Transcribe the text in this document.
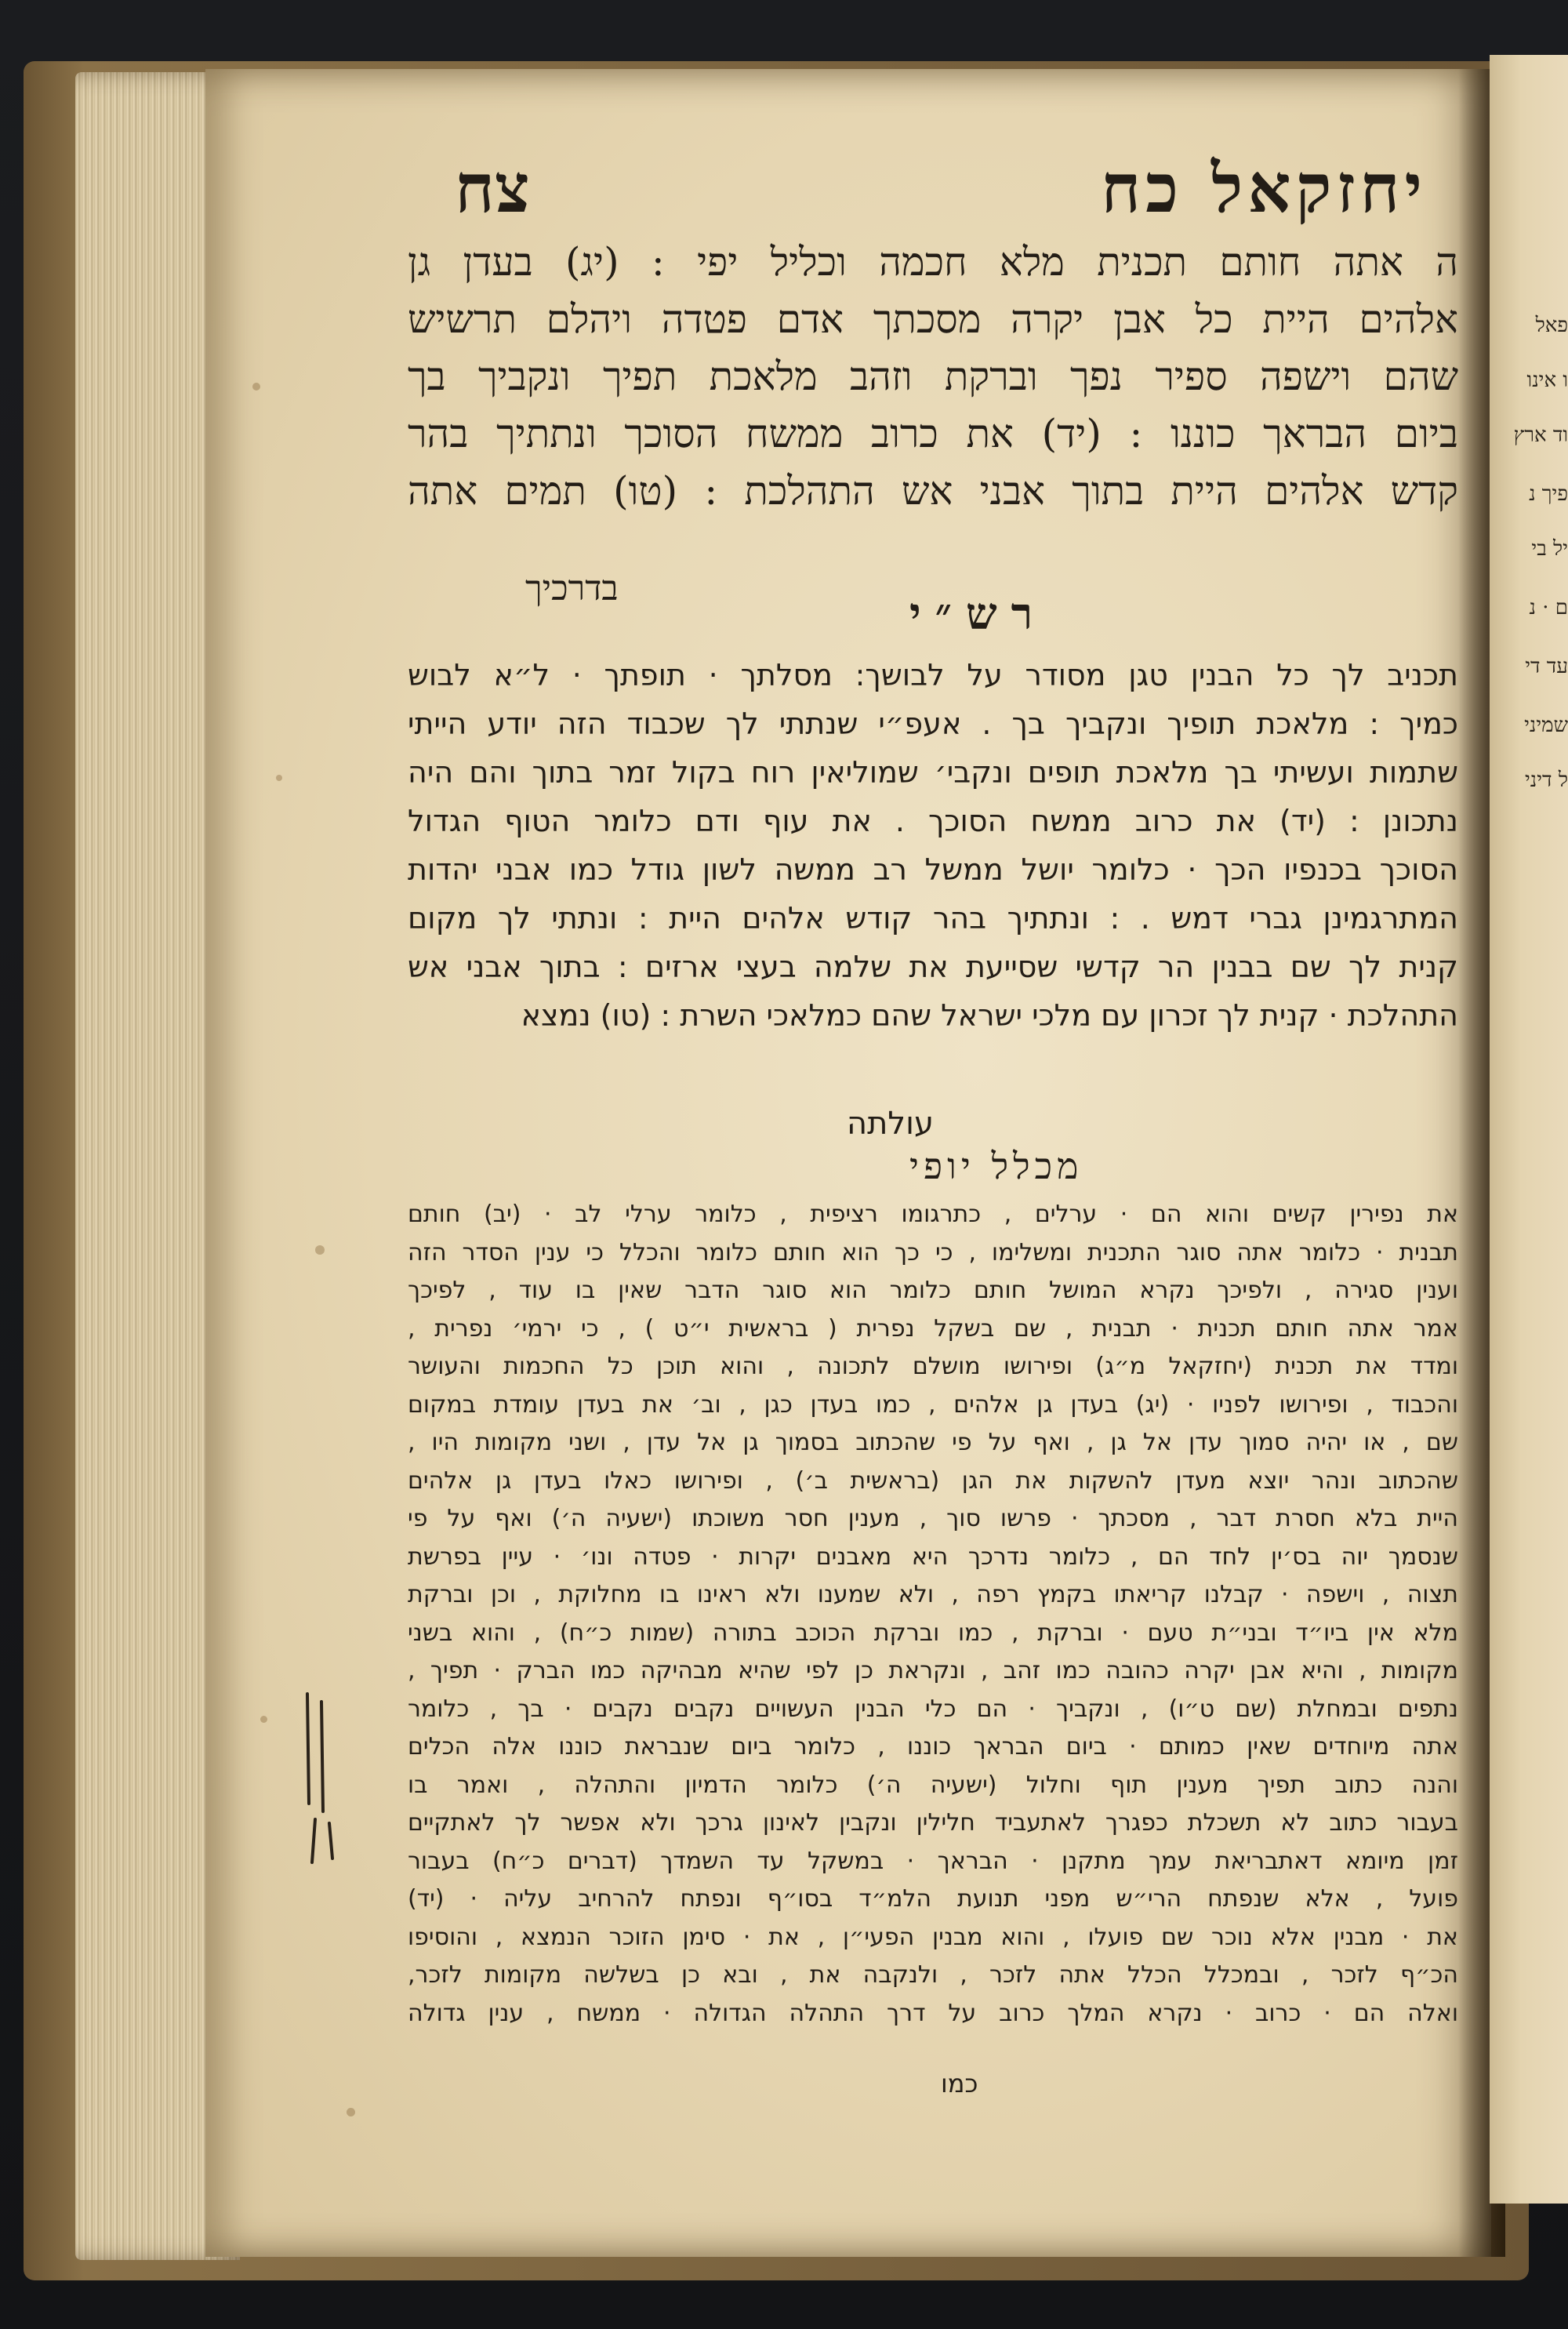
פאל
ו אינו
וד ארץ
פיך נ
יל בי
ם · נ
עד די
שמיני
ל דיני
יחזקאל כח
צח

ה אתה חותם תכנית מלא חכמה וכליל יפי : (יג) בעדן גן

אלהים היית כל אבן יקרה מסכתך אדם פטדה ויהלם תרשיש

שהם וישפה ספיר נפך וברקת וזהב מלאכת תפיך ונקביך בך

ביום הבראך כוננו : (יד) את כרוב ממשח הסוכך ונתתיך בהר

קדש אלהים היית בתוך אבני אש התהלכת : (טו) תמים אתה

בדרכיך	רש״י

תכניב לך כל הבנין טגן מסודר על לבושך: מסלתך · תופתך · ל״א לבוש

כמיך : מלאכת תופיך ונקביך בך . אעפ״י שנתתי לך שכבוד הזה יודע הייתי

שתמות ועשיתי בך מלאכת תופים ונקבי׳ שמוליאין רוח בקול זמר בתוך והם היה

נתכונן : (יד) את כרוב ממשח הסוכך . את עוף ודם כלומר הטוף הגדול

הסוכך בכנפיו הכך · כלומר יושל ממשל רב ממשה לשון גודל כמו אבני יהדות

המתרגמינן גברי דמש . : ונתתיך בהר קודש אלהים היית : ונתתי לך מקום

קנית לך שם בבנין הר קדשי שסייעת את שלמה בעצי ארזים : בתוך אבני אש

התהלכת · קנית לך זכרון עם מלכי ישראל שהם כמלאכי השרת : (טו) נמצא

עולתה
מכלל יופי

את נפירין קשים והוא הם · ערלים , כתרגומו רציפית , כלומר ערלי לב · (יב) חותם

תבנית · כלומר אתה סוגר התכנית ומשלימו , כי כך הוא חותם כלומר והכלל כי ענין הסדר הזה

וענין סגירה , ולפיכך נקרא המושל חותם כלומר הוא סוגר הדבר שאין בו עוד , לפיכך

אמר אתה חותם תכנית · תבנית , שם בשקל נפרית ( בראשית י״ט ) , כי ירמי׳ נפרית ,

ומדד את תכנית (יחזקאל מ״ג) ופירושו מושלם לתכונה , והוא תוכן כל החכמות והעושר

והכבוד , ופירושו לפניו · (יג) בעדן גן אלהים , כמו בעדן כגן , וב׳ את בעדן עומדת במקום

שם , או יהיה סמוך עדן אל גן , ואף על פי שהכתוב בסמוך גן אל עדן , ושני מקומות היו ,

שהכתוב ונהר יוצא מעדן להשקות את הגן (בראשית ב׳) , ופירושו כאלו בעדן גן אלהים

היית בלא חסרת דבר , מסכתך · פרשו סוך , מענין חסר משוכתו (ישעיה ה׳) ואף על פי

שנסמך יוה בס׳ין לחד הם , כלומר נדרכך היא מאבנים יקרות · פטדה ונו׳ · עיין בפרשת

תצוה , וישפה · קבלנו קריאתו בקמץ רפה , ולא שמענו ולא ראינו בו מחלוקת , וכן וברקת

מלא אין ביו״ד ובני״ת טעם · וברקת , כמו וברקת הכוכב בתורה (שמות כ״ח) , והוא בשני

מקומות , והיא אבן יקרה כהובה כמו זהב , ונקראת כן לפי שהיא מבהיקה כמו הברק · תפיך ,

נתפים ובמחלת (שם ט״ו) , ונקביך · הם כלי הבנין העשויים נקבים נקבים · בך , כלומר

אתה מיוחדים שאין כמותם · ביום הבראך כוננו , כלומר ביום שנבראת כוננו אלה הכלים

והנה כתוב תפיך מענין תוף וחלול (ישעיה ה׳) כלומר הדמיון והתהלה , ואמר בו

בעבור כתוב לא תשכלת כפגרך לאתעביד חלילין ונקבין לאינון גרכך ולא אפשר לך לאתקיים

זמן מיומא דאתבריאת עמך מתקנן · הבראך · במשקל עד השמדך (דברים כ״ח) בעבור

פועל , אלא שנפתח הרי״ש מפני תנועת הלמ״ד בסו״ף ונפתח להרחיב עליה · (יד)

את · מבנין אלא נוכר שם פועלו , והוא מבנין הפעי״ן , את · סימן הזוכר הנמצא , והוסיפו

הכ״ף לזכר , ובמכלל הכלל אתה לזכר , ולנקבה את , ובא כן בשלשה מקומות לזכר,

ואלה הם · כרוב · נקרא המלך כרוב על דרך התהלה הגדולה · ממשח , ענין גדולה

כמו
